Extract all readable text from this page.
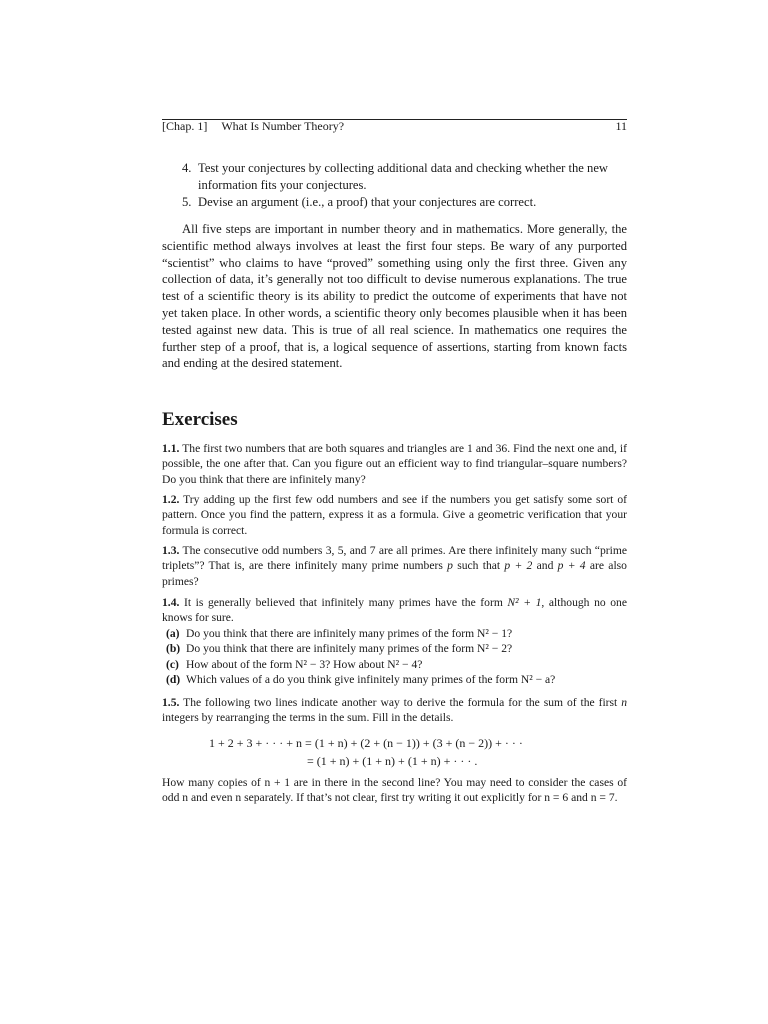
[Chap. 1] What Is Number Theory?	11
4. Test your conjectures by collecting additional data and checking whether the new information fits your conjectures.
5. Devise an argument (i.e., a proof) that your conjectures are correct.
All five steps are important in number theory and in mathematics. More generally, the scientific method always involves at least the first four steps. Be wary of any purported “scientist” who claims to have “proved” something using only the first three. Given any collection of data, it’s generally not too difficult to devise numerous explanations. The true test of a scientific theory is its ability to predict the outcome of experiments that have not yet taken place. In other words, a scientific theory only becomes plausible when it has been tested against new data. This is true of all real science. In mathematics one requires the further step of a proof, that is, a logical sequence of assertions, starting from known facts and ending at the desired statement.
Exercises
1.1. The first two numbers that are both squares and triangles are 1 and 36. Find the next one and, if possible, the one after that. Can you figure out an efficient way to find triangular–square numbers? Do you think that there are infinitely many?
1.2. Try adding up the first few odd numbers and see if the numbers you get satisfy some sort of pattern. Once you find the pattern, express it as a formula. Give a geometric verification that your formula is correct.
1.3. The consecutive odd numbers 3, 5, and 7 are all primes. Are there infinitely many such “prime triplets”? That is, are there infinitely many prime numbers p such that p + 2 and p + 4 are also primes?
1.4. It is generally believed that infinitely many primes have the form N² + 1, although no one knows for sure.
(a) Do you think that there are infinitely many primes of the form N² − 1?
(b) Do you think that there are infinitely many primes of the form N² − 2?
(c) How about of the form N² − 3? How about N² − 4?
(d) Which values of a do you think give infinitely many primes of the form N² − a?
1.5. The following two lines indicate another way to derive the formula for the sum of the first n integers by rearranging the terms in the sum. Fill in the details.
1 + 2 + 3 + · · · + n = (1 + n) + (2 + (n − 1)) + (3 + (n − 2)) + · · ·
= (1 + n) + (1 + n) + (1 + n) + · · · .
How many copies of n + 1 are in there in the second line? You may need to consider the cases of odd n and even n separately. If that’s not clear, first try writing it out explicitly for n = 6 and n = 7.
